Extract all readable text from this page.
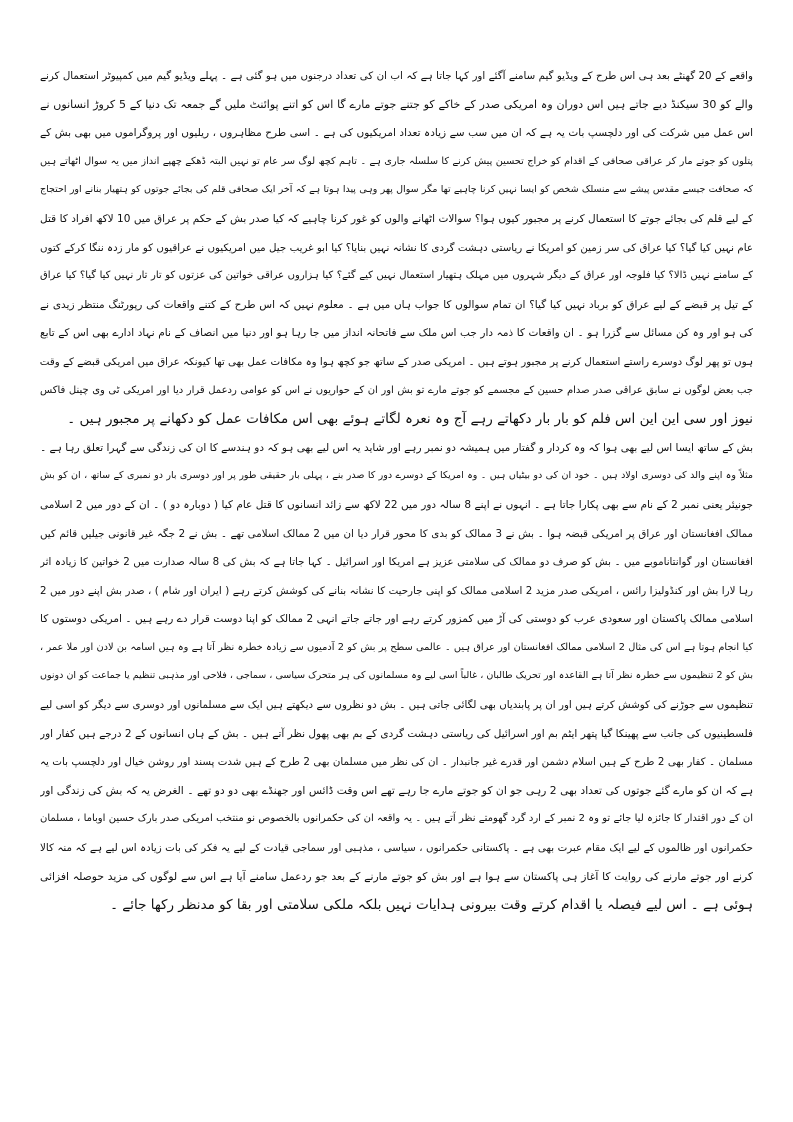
واقعے کے 20 گھنٹے بعد ہی اس طرح کے ویڈیو گیم سامنے آگئے اور کہا جاتا ہے کہ اب ان کی تعداد درجنوں میں ہو گئی ہے ۔ پہلے ویڈیو گیم میں کمپیوٹر استعمال کرنے

والے کو 30 سیکنڈ دیے جاتے ہیں اس دوران وہ امریکی صدر کے خاکے کو جتنے جوتے مارے گا اس کو اتنے پوائنٹ ملیں گے جمعہ تک دنیا کے 5 کروڑ انسانوں نے

اس عمل میں شرکت کی اور دلچسپ بات یہ ہے کہ ان میں سب سے زیادہ تعداد امریکیوں کی ہے ۔ اسی طرح مظاہروں ، ریلیوں اور پروگراموں میں بھی بش کے

پتلوں کو جوتے مار کر عراقی صحافی کے اقدام کو خراج تحسین پیش کرنے کا سلسلہ جاری ہے ۔ تاہم کچھ لوگ سر عام تو نہیں البتہ ڈھکے چھپے انداز میں یہ سوال اٹھاتے ہیں

کہ صحافت جیسے مقدس پیشے سے منسلک شخص کو ایسا نہیں کرنا چاہیے تھا مگر سوال پھر وہی پیدا ہوتا ہے کہ آخر ایک صحافی قلم کی بجائے جوتوں کو ہتھیار بنانے اور احتجاج

کے لیے قلم کی بجائے جوتے کا استعمال کرنے پر مجبور کیوں ہوا؟ سوالات اٹھانے والوں کو غور کرنا چاہیے کہ کیا صدر بش کے حکم پر عراق میں 10 لاکھ افراد کا قتل

عام نہیں کیا گیا؟ کیا عراق کی سر زمین کو امریکا نے ریاستی دہشت گردی کا نشانہ نہیں بنایا؟ کیا ابو غریب جیل میں امریکیوں نے عراقیوں کو مار زدہ ننگا کرکے کتوں

کے سامنے نہیں ڈالا؟ کیا فلوجہ اور عراق کے دیگر شہروں میں مہلک ہتھیار استعمال نہیں کیے گئے؟ کیا ہزاروں عراقی خواتین کی عزتوں کو تار تار نہیں کیا گیا؟ کیا عراق

کے تیل پر قبضے کے لیے عراق کو برباد نہیں کیا گیا؟ ان تمام سوالوں کا جواب ہاں میں ہے ۔ معلوم نہیں کہ اس طرح کے کتنے واقعات کی رپورٹنگ منتظر زیدی نے

کی ہو اور وہ کن مسائل سے گزرا ہو ۔ ان واقعات کا ذمہ دار جب اس ملک سے فاتحانہ انداز میں جا رہا ہو اور دنیا میں انصاف کے نام نہاد ادارے بھی اس کے تابع

ہوں تو پھر لوگ دوسرے راستے استعمال کرنے پر مجبور ہوتے ہیں ۔ امریکی صدر کے ساتھ جو کچھ ہوا وہ مکافات عمل بھی تھا کیونکہ عراق میں امریکی قبضے کے وقت

جب بعض لوگوں نے سابق عراقی صدر صدام حسین کے مجسمے کو جوتے مارے تو بش اور ان کے حواریوں نے اس کو عوامی ردعمل قرار دیا اور امریکی ٹی وی چینل فاکس

نیوز اور سی این این اس فلم کو بار بار دکھاتے رہے آج وہ نعرہ لگاتے ہوئے بھی اس مکافات عمل کو دکھانے پر مجبور ہیں ۔

بش کے ساتھ ایسا اس لیے بھی ہوا کہ وہ کردار و گفتار میں ہمیشہ دو نمبر رہے اور شاید یہ اس لیے بھی ہو کہ دو ہندسے کا ان کی زندگی سے گہرا تعلق رہا ہے ۔

مثلاً وہ اپنے والد کی دوسری اولاد ہیں ۔ خود ان کی دو بیٹیاں ہیں ۔ وہ امریکا کے دوسرے دور کا صدر بنے ، پہلی بار حقیقی طور پر اور دوسری بار دو نمبری کے ساتھ ، ان کو بش

جونیئر یعنی نمبر 2 کے نام سے بھی پکارا جاتا ہے ۔ انہوں نے اپنے 8 سالہ دور میں 22 لاکھ سے زائد انسانوں کا قتل عام کیا ( دوبارہ دو ) ۔ ان کے دور میں 2 اسلامی

ممالک افغانستان اور عراق پر امریکی قبضہ ہوا ۔ بش نے 3 ممالک کو بدی کا محور قرار دیا ان میں 2 ممالک اسلامی تھے ۔ بش نے 2 جگہ غیر قانونی جیلیں قائم کیں

افغانستان اور گوانتاناموبے میں ۔ بش کو صرف دو ممالک کی سلامتی عزیز ہے امریکا اور اسرائیل ۔ کہا جاتا ہے کہ بش کی 8 سالہ صدارت میں 2 خواتین کا زیادہ اثر

رہا لارا بش اور کنڈولیزا رائس ، امریکی صدر مزید 2 اسلامی ممالک کو اپنی جارحیت کا نشانہ بنانے کی کوشش کرتے رہے ( ایران اور شام ) ، صدر بش اپنے دور میں 2

اسلامی ممالک پاکستان اور سعودی عرب کو دوستی کی آڑ میں کمزور کرتے رہے اور جاتے جاتے انہی 2 ممالک کو اپنا دوست قرار دے رہے ہیں ۔ امریکی دوستوں کا

کیا انجام ہوتا ہے اس کی مثال 2 اسلامی ممالک افغانستان اور عراق ہیں ۔ عالمی سطح پر بش کو 2 آدمیوں سے زیادہ خطرہ نظر آتا ہے وہ ہیں اسامہ بن لادن اور ملا عمر ،

بش کو 2 تنظیموں سے خطرہ نظر آتا ہے القاعدہ اور تحریک طالبان ، غالباً اسی لیے وہ مسلمانوں کی ہر متحرک سیاسی ، سماجی ، فلاحی اور مذہبی تنظیم یا جماعت کو ان دونوں

تنظیموں سے جوڑنے کی کوشش کرتے ہیں اور ان پر پابندیاں بھی لگائی جاتی ہیں ۔ بش دو نظروں سے دیکھتے ہیں ایک سے مسلمانوں اور دوسری سے دیگر کو اسی لیے

فلسطینیوں کی جانب سے پھینکا گیا پتھر ایٹم بم اور اسرائیل کی ریاستی دہشت گردی کے بم بھی پھول نظر آتے ہیں ۔ بش کے ہاں انسانوں کے 2 درجے ہیں کفار اور

مسلمان ۔ کفار بھی 2 طرح کے ہیں اسلام دشمن اور قدرے غیر جانبدار ۔ ان کی نظر میں مسلمان بھی 2 طرح کے ہیں شدت پسند اور روشن خیال اور دلچسپ بات یہ

ہے کہ ان کو مارے گئے جوتوں کی تعداد بھی 2 رہی جو ان کو جوتے مارے جا رہے تھے اس وقت ڈائس اور جھنڈے بھی دو دو تھے ۔ الغرض یہ کہ بش کی زندگی اور

ان کے دور اقتدار کا جائزہ لیا جائے تو وہ 2 نمبر کے ارد گرد گھومتے نظر آتے ہیں ۔ یہ واقعہ ان کی حکمرانوں بالخصوص نو منتخب امریکی صدر بارک حسین اوباما ، مسلمان

حکمرانوں اور ظالموں کے لیے ایک مقام عبرت بھی ہے ۔ پاکستانی حکمرانوں ، سیاسی ، مذہبی اور سماجی قیادت کے لیے یہ فکر کی بات زیادہ اس لیے ہے کہ منہ کالا

کرنے اور جوتے مارنے کی روایت کا آغاز ہی پاکستان سے ہوا ہے اور بش کو جوتے مارنے کے بعد جو ردعمل سامنے آیا ہے اس سے لوگوں کی مزید حوصلہ افزائی

ہوئی ہے ۔ اس لیے فیصلہ یا اقدام کرتے وقت بیرونی ہدایات نہیں بلکہ ملکی سلامتی اور بقا کو مدنظر رکھا جائے ۔
